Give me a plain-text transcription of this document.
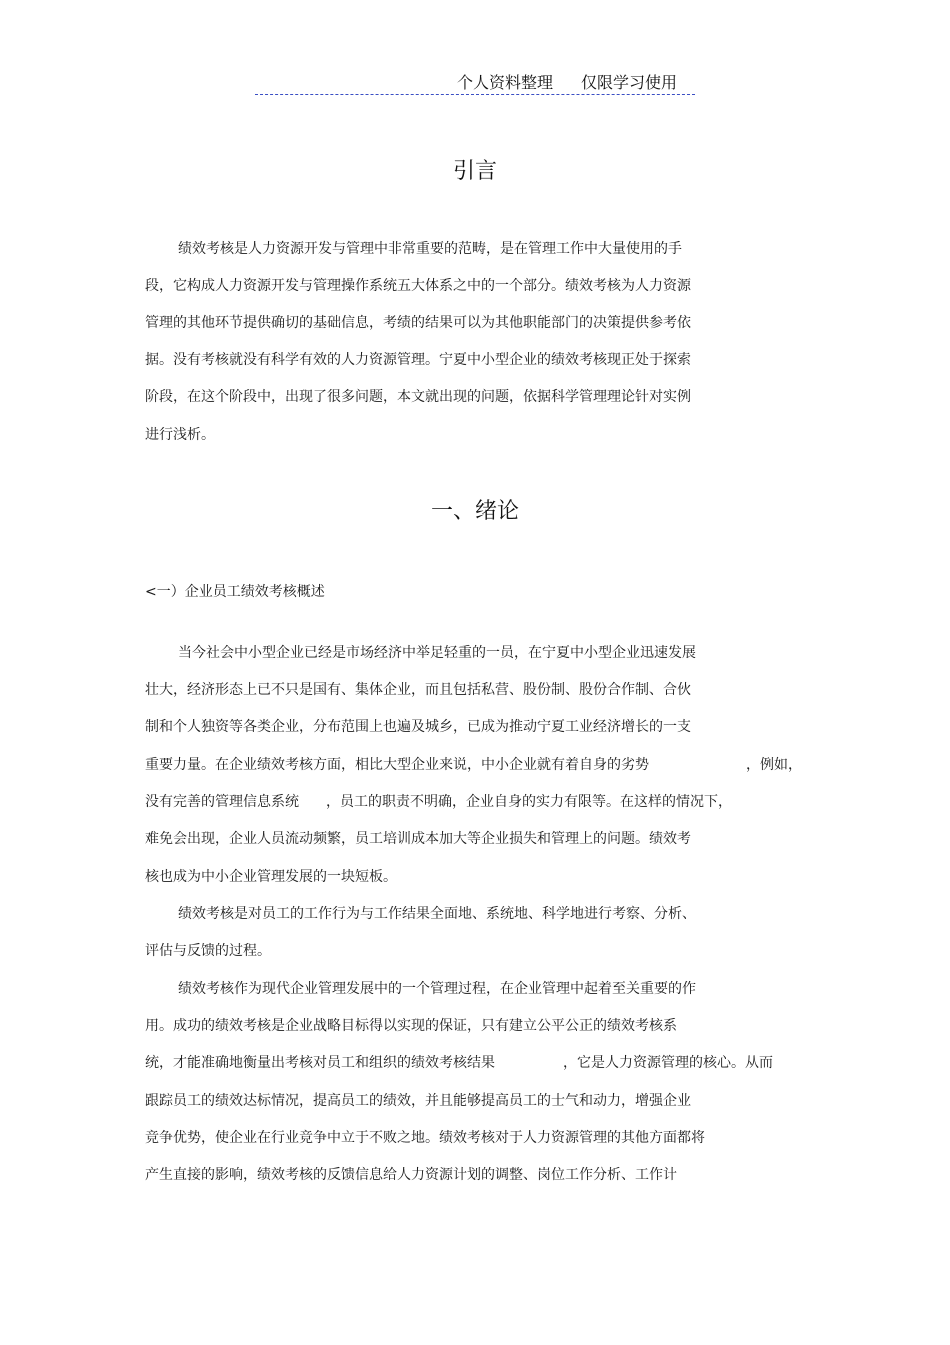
个人资料整理 仅限学习使用
引言
绩效考核是人力资源开发与管理中非常重要的范畴，是在管理工作中大量使用的手
段，它构成人力资源开发与管理操作系统五大体系之中的一个部分。绩效考核为人力资源
管理的其他环节提供确切的基础信息，考绩的结果可以为其他职能部门的决策提供参考依
据。没有考核就没有科学有效的人力资源管理。宁夏中小型企业的绩效考核现正处于探索
阶段，在这个阶段中，出现了很多问题，本文就出现的问题，依据科学管理理论针对实例
进行浅析。
一、绪论
<一）企业员工绩效考核概述
当今社会中小型企业已经是市场经济中举足轻重的一员，在宁夏中小型企业迅速发展
壮大，经济形态上已不只是国有、集体企业，而且包括私营、股份制、股份合作制、合伙
制和个人独资等各类企业，分布范围上也遍及城乡，已成为推动宁夏工业经济增长的一支
重要力量。在企业绩效考核方面，相比大型企业来说，中小企业就有着自身的劣势	，例如，
没有完善的管理信息系统 ，员工的职责不明确，企业自身的实力有限等。在这样的情况下，
难免会出现，企业人员流动频繁，员工培训成本加大等企业损失和管理上的问题。绩效考
核也成为中小企业管理发展的一块短板。
绩效考核是对员工的工作行为与工作结果全面地、系统地、科学地进行考察、分析、
评估与反馈的过程。
绩效考核作为现代企业管理发展中的一个管理过程，在企业管理中起着至关重要的作
用。成功的绩效考核是企业战略目标得以实现的保证，只有建立公平公正的绩效考核系
统，才能准确地衡量出考核对员工和组织的绩效考核结果	，它是人力资源管理的核心。从而
跟踪员工的绩效达标情况，提高员工的绩效，并且能够提高员工的士气和动力，增强企业
竞争优势，使企业在行业竞争中立于不败之地。绩效考核对于人力资源管理的其他方面都将
产生直接的影响，绩效考核的反馈信息给人力资源计划的调整、岗位工作分析、工作计
